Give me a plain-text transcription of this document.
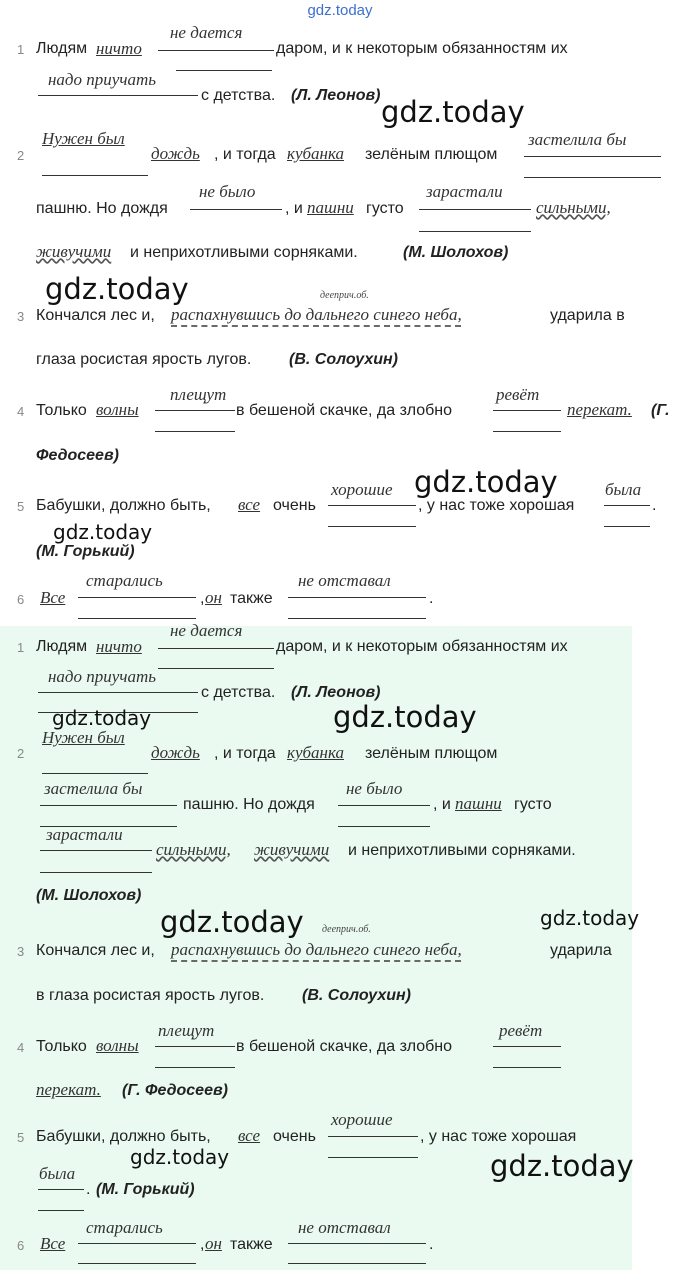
gdz.today
1 Людям ничто
не дается
даром, и к некоторым обязанностям их
надо приучать
с детства. (Л. Леонов) gdz.today
2
Нужен был
дождь , и тогда кубанка зелёным плющом
застелила бы
пашню. Но дождя
не было
, и пашни густо
зарастали
сильными,
живучими и неприхотливыми сорняками.	(М. Шолохов)
gdz.today
3
дееприч.об.
Кончался лес и, распахнувшись до дальнего синего неба,	ударила в
глаза росистая ярость лугов. (В. Солоухин)
4 Только волны
плещут
в бешеной скачке, да злобно
ревёт
перекат. (Г.
Федосеев)
gdz.today
5 Бабушки, должно быть, все очень
хорошие
, у нас тоже хорошая
была
.
gdz.today
(М. Горький)
6 Все
старались
, он также
не отставал
.
1 Людям ничто
не дается
даром, и к некоторым обязанностям их
надо приучать
с детства. (Л. Леонов)
gdz.today	gdz.today
2
Нужен был
дождь , и тогда кубанка зелёным плющом
застелила бы
пашню. Но дождя
не было
, и пашни густо
зарастали
сильными, живучими и неприхотливыми сорняками.
(М. Шолохов)
gdz.today дееприч.об.	gdz.today
3 Кончался лес и, распахнувшись до дальнего синего неба,	ударила
в глаза росистая ярость лугов. (В. Солоухин)
4 Только волны
плещут
в бешеной скачке, да злобно
ревёт
перекат. (Г. Федосеев)
5 Бабушки, должно быть, все очень
хорошие
, у нас тоже хорошая
gdz.today	gdz.today
была
. (М. Горький)
6 Все
старались
, он также
не отставал
.
